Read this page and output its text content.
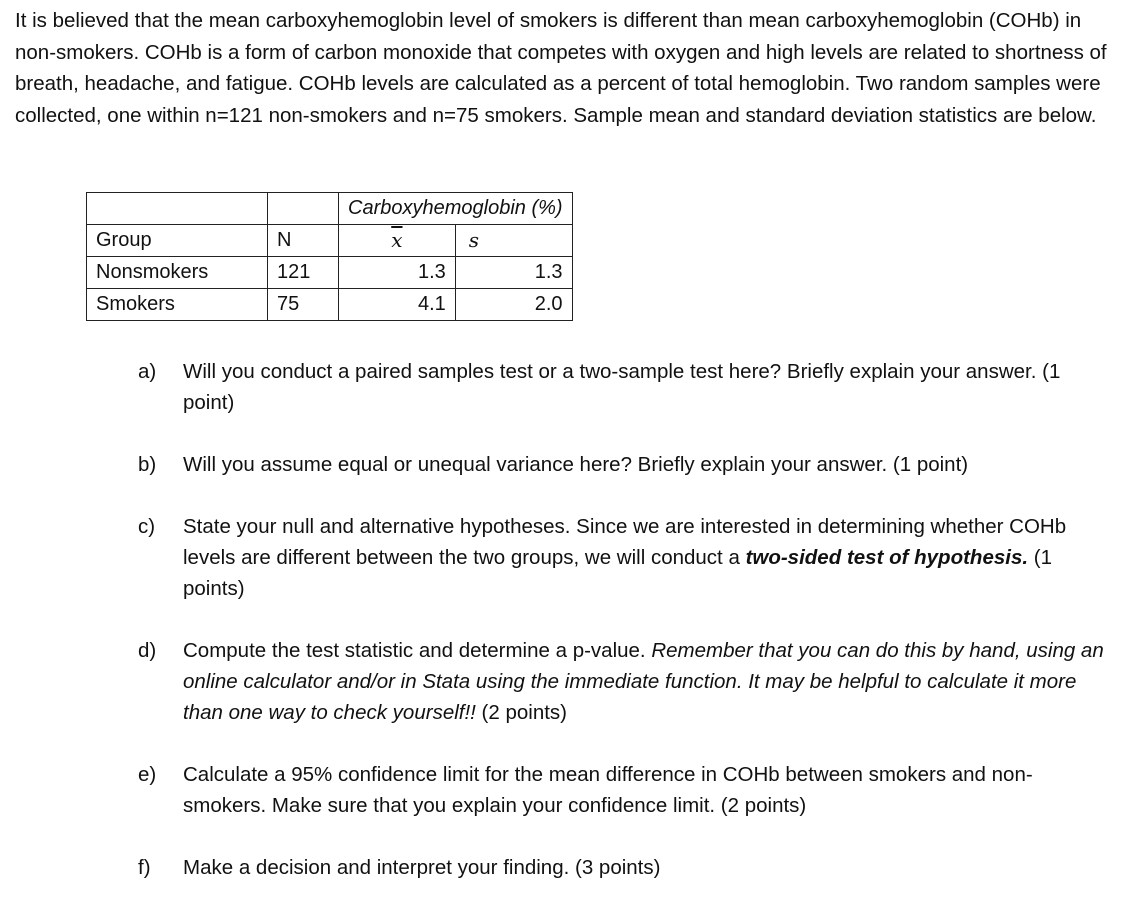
It is believed that the mean carboxyhemoglobin level of smokers is different than mean carboxyhemoglobin (COHb) in non-smokers. COHb is a form of carbon monoxide that competes with oxygen and high levels are related to shortness of breath, headache, and fatigue. COHb levels are calculated as a percent of total hemoglobin. Two random samples were collected, one within n=121 non-smokers and n=75 smokers. Sample mean and standard deviation statistics are below.

		Carboxyhemoglobin (%)	
Group	N	$\overline{x}$	s
Nonsmokers	121	1.3	1.3
Smokers	75	4.1	2.0
a)	Will you conduct a paired samples test or a two-sample test here? Briefly explain your answer. (1 point)
b)	Will you assume equal or unequal variance here? Briefly explain your answer. (1 point)
c)	State your null and alternative hypotheses. Since we are interested in determining whether COHb levels are different between the two groups, we will conduct a two-sided test of hypothesis. (1 points)
d)	Compute the test statistic and determine a p-value. Remember that you can do this by hand, using an online calculator and/or in Stata using the immediate function. It may be helpful to calculate it more than one way to check yourself!! (2 points)
e)	Calculate a 95% confidence limit for the mean difference in COHb between smokers and non-smokers. Make sure that you explain your confidence limit. (2 points)
f)	Make a decision and interpret your finding. (3 points)
